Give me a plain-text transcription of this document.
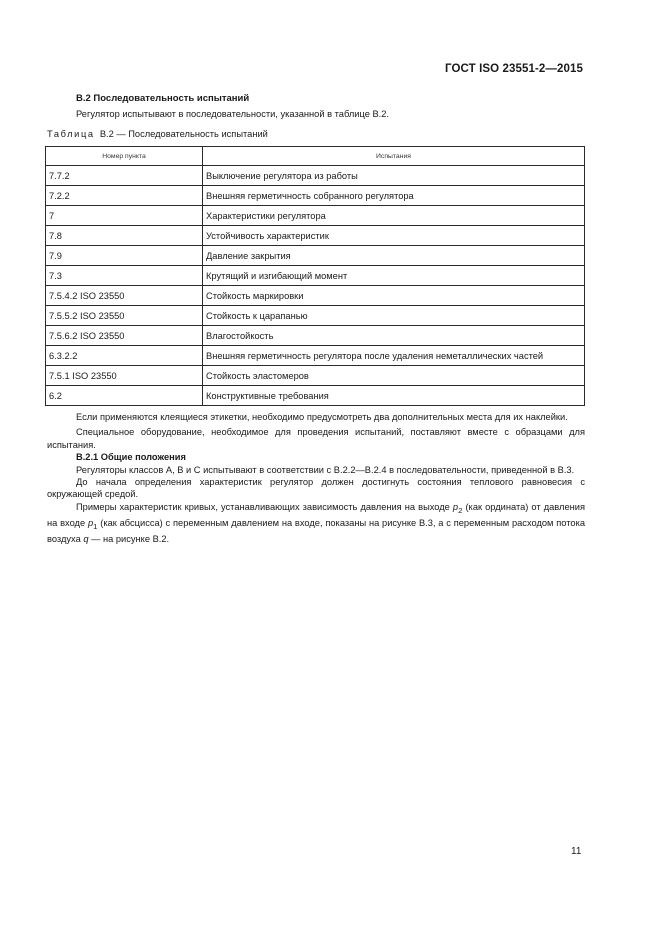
ГОСТ ISO 23551-2—2015
В.2 Последовательность испытаний
Регулятор испытывают в последовательности, указанной в таблице В.2.
Таблица В.2 — Последовательность испытаний
Номер пункта	Испытания
7.7.2	Выключение регулятора из работы
7.2.2	Внешняя герметичность собранного регулятора
7	Характеристики регулятора
7.8	Устойчивость характеристик
7.9	Давление закрытия
7.3	Крутящий и изгибающий момент
7.5.4.2 ISO 23550	Стойкость маркировки
7.5.5.2 ISO 23550	Стойкость к царапанью
7.5.6.2 ISO 23550	Влагостойкость
6.3.2.2	Внешняя герметичность регулятора после удаления неметаллических частей
7.5.1 ISO 23550	Стойкость эластомеров
6.2	Конструктивные требования

Если применяются клеящиеся этикетки, необходимо предусмотреть два дополнительных места для их наклейки.

Специальное оборудование, необходимое для проведения испытаний, поставляют вместе с образцами для испытания.

В.2.1 Общие положения

Регуляторы классов А, В и С испытывают в соответствии с В.2.2—В.2.4 в последовательности, приведенной в В.3.

До начала определения характеристик регулятор должен достигнуть состояния теплового равновесия с окружающей средой.

Примеры характеристик кривых, устанавливающих зависимость давления на выходе $p_2$ (как ордината) от давления на входе $p_1$ (как абсцисса) с переменным давлением на входе, показаны на рисунке В.3, а с переменным расходом потока воздуха q — на рисунке В.2.

11
